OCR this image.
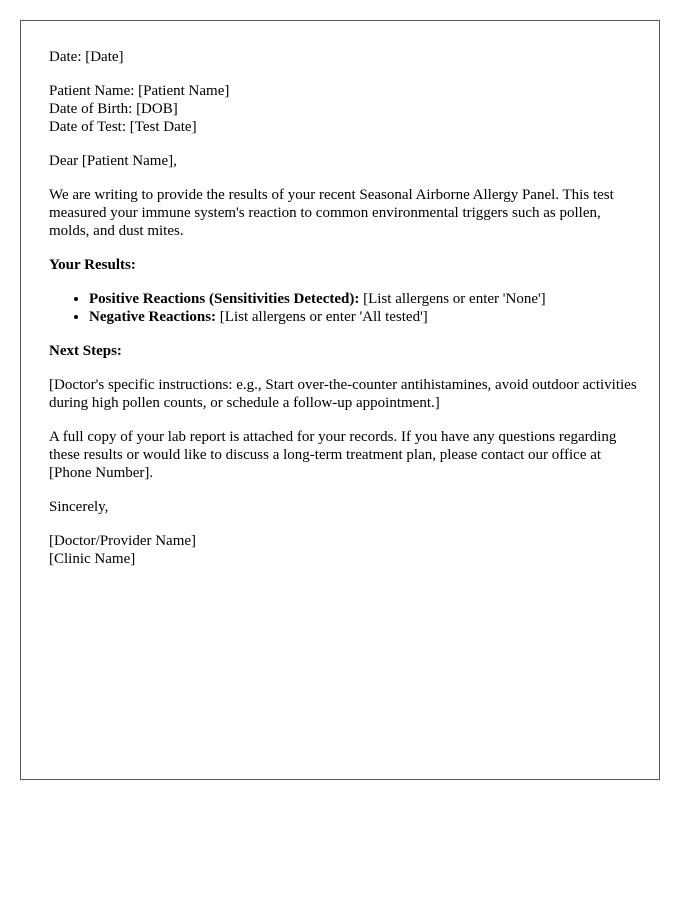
Date: [Date]

Patient Name: [Patient Name]
Date of Birth: [DOB]
Date of Test: [Test Date]

Dear [Patient Name],

We are writing to provide the results of your recent Seasonal Airborne Allergy Panel. This test measured your immune system's reaction to common environmental triggers such as pollen, molds, and dust mites.

Your Results:

• Positive Reactions (Sensitivities Detected): [List allergens or enter 'None']
• Negative Reactions: [List allergens or enter 'All tested']

Next Steps:

[Doctor's specific instructions: e.g., Start over-the-counter antihistamines, avoid outdoor activities during high pollen counts, or schedule a follow-up appointment.]

A full copy of your lab report is attached for your records. If you have any questions regarding these results or would like to discuss a long-term treatment plan, please contact our office at [Phone Number].

Sincerely,

[Doctor/Provider Name]
[Clinic Name]
